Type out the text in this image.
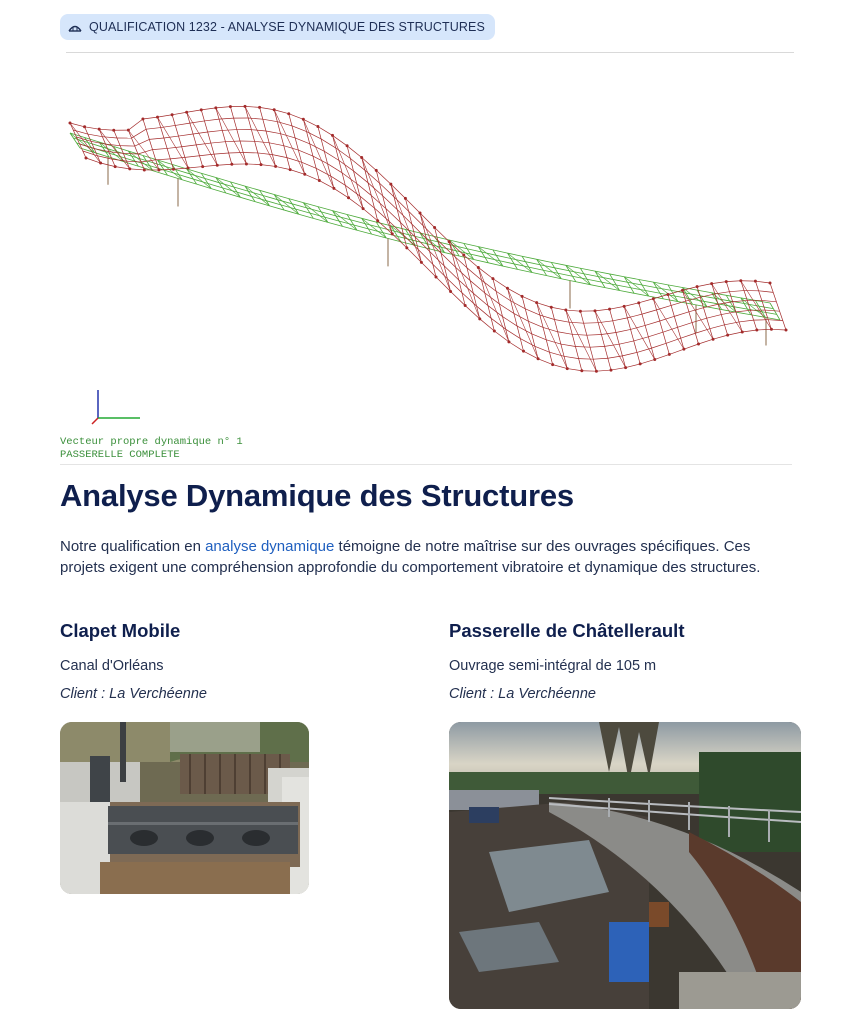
QUALIFICATION 1232 - ANALYSE DYNAMIQUE DES STRUCTURES
Vecteur propre dynamique n° 1
PASSERELLE COMPLETE
Analyse Dynamique des Structures

Notre qualification en analyse dynamique témoigne de notre maîtrise sur des ouvrages spécifiques. Ces projets exigent une compréhension approfondie du comportement vibratoire et dynamique des structures.

Clapet Mobile
Canal d'Orléans
Client : La Verchéenne
Passerelle de Châtellerault
Ouvrage semi-intégral de 105 m
Client : La Verchéenne
